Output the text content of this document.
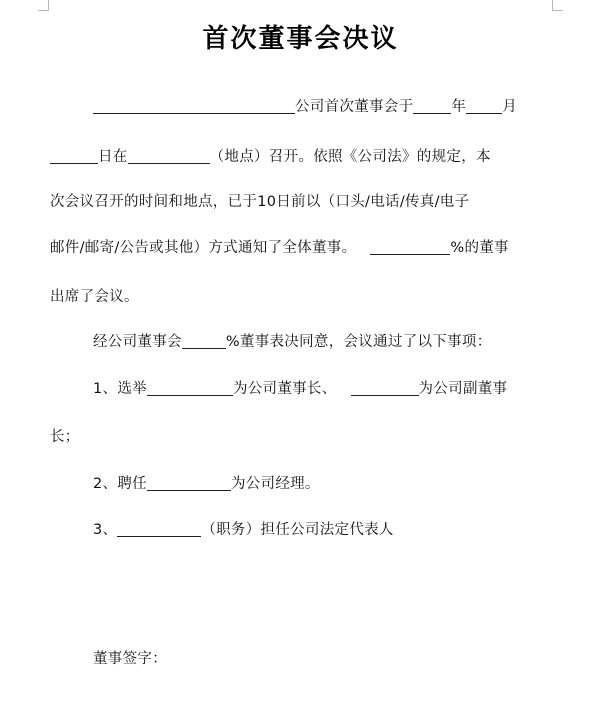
首次董事会决议
公司首次董事会于	年 月
日在	（地点）召开。依照《公司法》的规定，本
次会议召开的时间和地点，已于10日前以（口头/电话/传真/电子
邮件/邮寄/公告或其他）方式通知了全体董事。	%的董事
出席了会议。
经公司董事会	%董事表决同意，会议通过了以下事项：
1、选举	为公司董事长、	为公司副董事
长；
2、聘任	为公司经理。
3、	（职务）担任公司法定代表人
董事签字：
